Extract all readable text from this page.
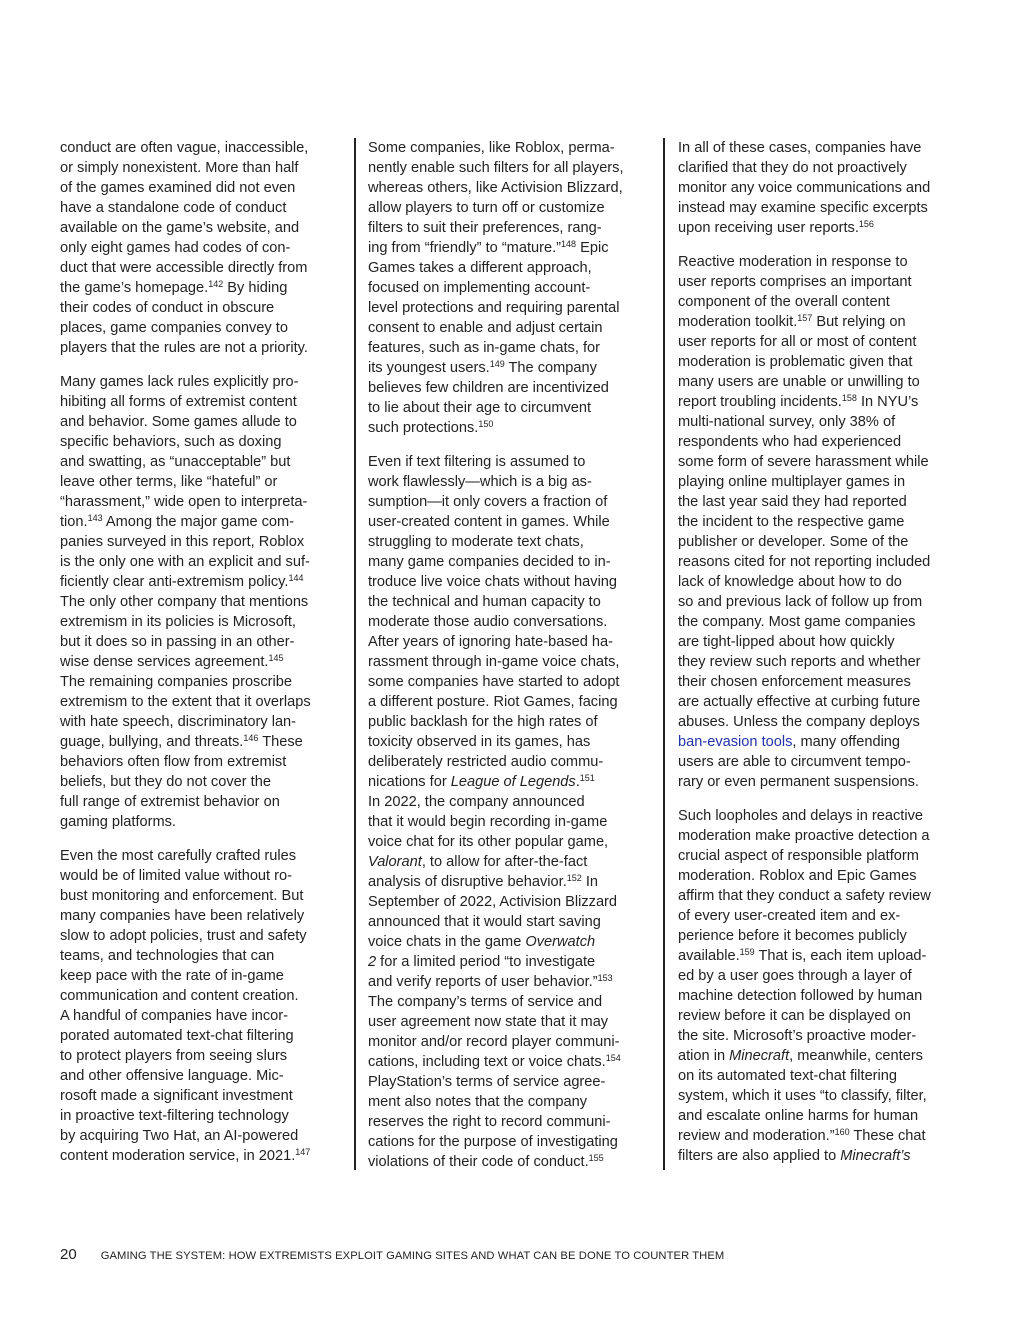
conduct are often vague, inaccessible,
or simply nonexistent. More than half
of the games examined did not even
have a standalone code of conduct
available on the game’s website, and
only eight games had codes of con-
duct that were accessible directly from
the game’s homepage.$^{142}$ By hiding
their codes of conduct in obscure
places, game companies convey to
players that the rules are not a priority.

Many games lack rules explicitly pro-
hibiting all forms of extremist content
and behavior. Some games allude to
specific behaviors, such as doxing
and swatting, as “unacceptable” but
leave other terms, like “hateful” or
“harassment,” wide open to interpreta-
tion.$^{143}$ Among the major game com-
panies surveyed in this report, Roblox
is the only one with an explicit and suf-
ficiently clear anti-extremism policy.$^{144}$
The only other company that mentions
extremism in its policies is Microsoft,
but it does so in passing in an other-
wise dense services agreement.$^{145}$
The remaining companies proscribe
extremism to the extent that it overlaps
with hate speech, discriminatory lan-
guage, bullying, and threats.$^{146}$ These
behaviors often flow from extremist
beliefs, but they do not cover the
full range of extremist behavior on
gaming platforms.

Even the most carefully crafted rules
would be of limited value without ro-
bust monitoring and enforcement. But
many companies have been relatively
slow to adopt policies, trust and safety
teams, and technologies that can
keep pace with the rate of in-game
communication and content creation.
A handful of companies have incor-
porated automated text-chat filtering
to protect players from seeing slurs
and other offensive language. Mic-
rosoft made a significant investment
in proactive text-filtering technology
by acquiring Two Hat, an AI-powered
content moderation service, in 2021.$^{147}$

Some companies, like Roblox, perma-
nently enable such filters for all players,
whereas others, like Activision Blizzard,
allow players to turn off or customize
filters to suit their preferences, rang-
ing from “friendly” to “mature.”$^{148}$ Epic
Games takes a different approach,
focused on implementing account-
level protections and requiring parental
consent to enable and adjust certain
features, such as in-game chats, for
its youngest users.$^{149}$ The company
believes few children are incentivized
to lie about their age to circumvent
such protections.$^{150}$

Even if text filtering is assumed to
work flawlessly—which is a big as-
sumption—it only covers a fraction of
user-created content in games. While
struggling to moderate text chats,
many game companies decided to in-
troduce live voice chats without having
the technical and human capacity to
moderate those audio conversations.
After years of ignoring hate-based ha-
rassment through in-game voice chats,
some companies have started to adopt
a different posture. Riot Games, facing
public backlash for the high rates of
toxicity observed in its games, has
deliberately restricted audio commu-
nications for League of Legends.$^{151}$
In 2022, the company announced
that it would begin recording in-game
voice chat for its other popular game,
Valorant, to allow for after-the-fact
analysis of disruptive behavior.$^{152}$ In
September of 2022, Activision Blizzard
announced that it would start saving
voice chats in the game Overwatch
2 for a limited period “to investigate
and verify reports of user behavior.”$^{153}$
The company’s terms of service and
user agreement now state that it may
monitor and/or record player communi-
cations, including text or voice chats.$^{154}$
PlayStation’s terms of service agree-
ment also notes that the company
reserves the right to record communi-
cations for the purpose of investigating
violations of their code of conduct.$^{155}$

In all of these cases, companies have
clarified that they do not proactively
monitor any voice communications and
instead may examine specific excerpts
upon receiving user reports.$^{156}$

Reactive moderation in response to
user reports comprises an important
component of the overall content
moderation toolkit.$^{157}$ But relying on
user reports for all or most of content
moderation is problematic given that
many users are unable or unwilling to
report troubling incidents.$^{158}$ In NYU’s
multi-national survey, only 38% of
respondents who had experienced
some form of severe harassment while
playing online multiplayer games in
the last year said they had reported
the incident to the respective game
publisher or developer. Some of the
reasons cited for not reporting included
lack of knowledge about how to do
so and previous lack of follow up from
the company. Most game companies
are tight-lipped about how quickly
they review such reports and whether
their chosen enforcement measures
are actually effective at curbing future
abuses. Unless the company deploys
ban-evasion tools, many offending
users are able to circumvent tempo-
rary or even permanent suspensions.

Such loopholes and delays in reactive
moderation make proactive detection a
crucial aspect of responsible platform
moderation. Roblox and Epic Games
affirm that they conduct a safety review
of every user-created item and ex-
perience before it becomes publicly
available.$^{159}$ That is, each item upload-
ed by a user goes through a layer of
machine detection followed by human
review before it can be displayed on
the site. Microsoft’s proactive moder-
ation in Minecraft, meanwhile, centers
on its automated text-chat filtering
system, which it uses “to classify, filter,
and escalate online harms for human
review and moderation.”$^{160}$ These chat
filters are also applied to Minecraft’s

20 GAMING THE SYSTEM: HOW EXTREMISTS EXPLOIT GAMING SITES AND WHAT CAN BE DONE TO COUNTER THEM
